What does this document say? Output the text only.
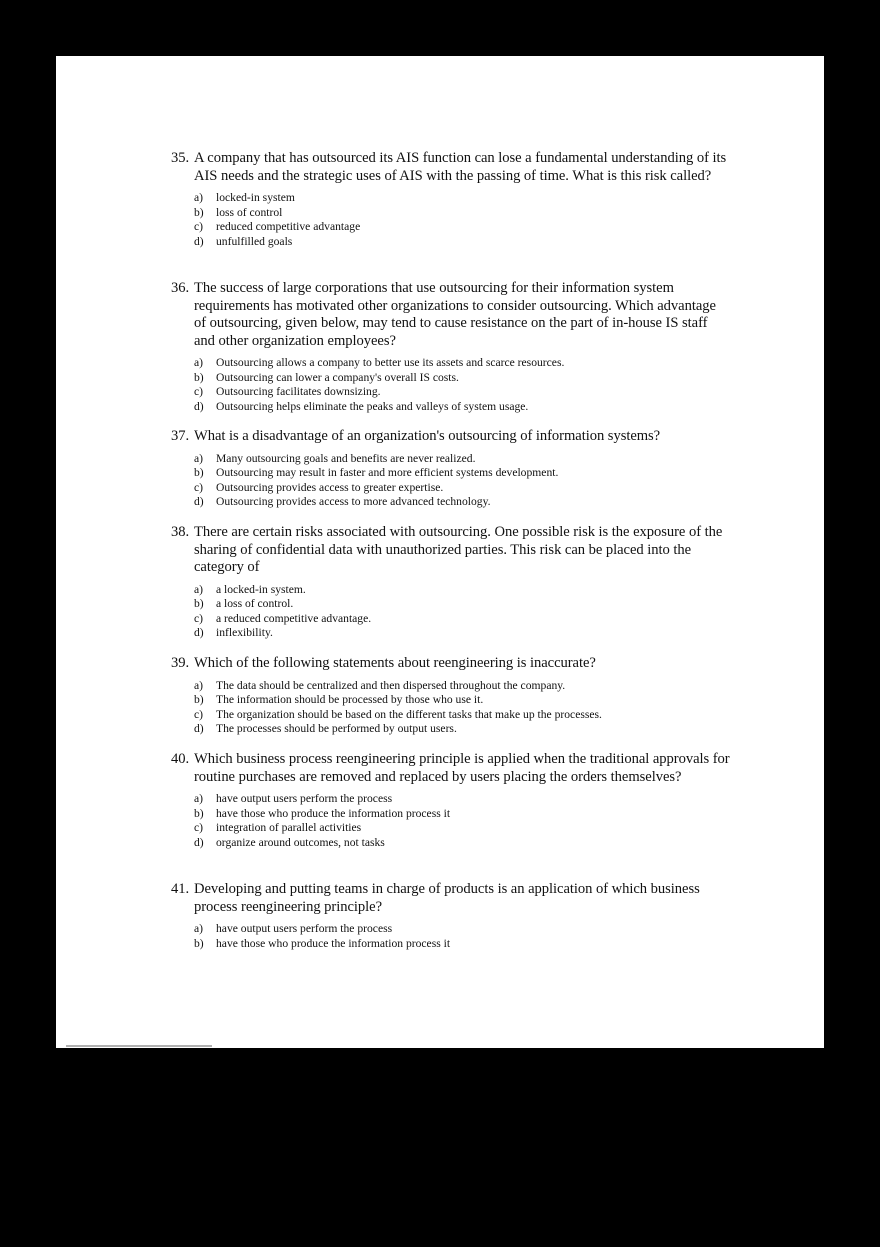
35. A company that has outsourced its AIS function can lose a fundamental understanding of its AIS needs and the strategic uses of AIS with the passing of time. What is this risk called?
a) locked-in system
b) loss of control
c) reduced competitive advantage
d) unfulfilled goals
36. The success of large corporations that use outsourcing for their information system requirements has motivated other organizations to consider outsourcing. Which advantage of outsourcing, given below, may tend to cause resistance on the part of in-house IS staff and other organization employees?
a) Outsourcing allows a company to better use its assets and scarce resources.
b) Outsourcing can lower a company's overall IS costs.
c) Outsourcing facilitates downsizing.
d) Outsourcing helps eliminate the peaks and valleys of system usage.
37. What is a disadvantage of an organization's outsourcing of information systems?
a) Many outsourcing goals and benefits are never realized.
b) Outsourcing may result in faster and more efficient systems development.
c) Outsourcing provides access to greater expertise.
d) Outsourcing provides access to more advanced technology.
38. There are certain risks associated with outsourcing. One possible risk is the exposure of the sharing of confidential data with unauthorized parties. This risk can be placed into the category of
a) a locked-in system.
b) a loss of control.
c) a reduced competitive advantage.
d) inflexibility.
39. Which of the following statements about reengineering is inaccurate?
a) The data should be centralized and then dispersed throughout the company.
b) The information should be processed by those who use it.
c) The organization should be based on the different tasks that make up the processes.
d) The processes should be performed by output users.
40. Which business process reengineering principle is applied when the traditional approvals for routine purchases are removed and replaced by users placing the orders themselves?
a) have output users perform the process
b) have those who produce the information process it
c) integration of parallel activities
d) organize around outcomes, not tasks
41. Developing and putting teams in charge of products is an application of which business process reengineering principle?
a) have output users perform the process
b) have those who produce the information process it
